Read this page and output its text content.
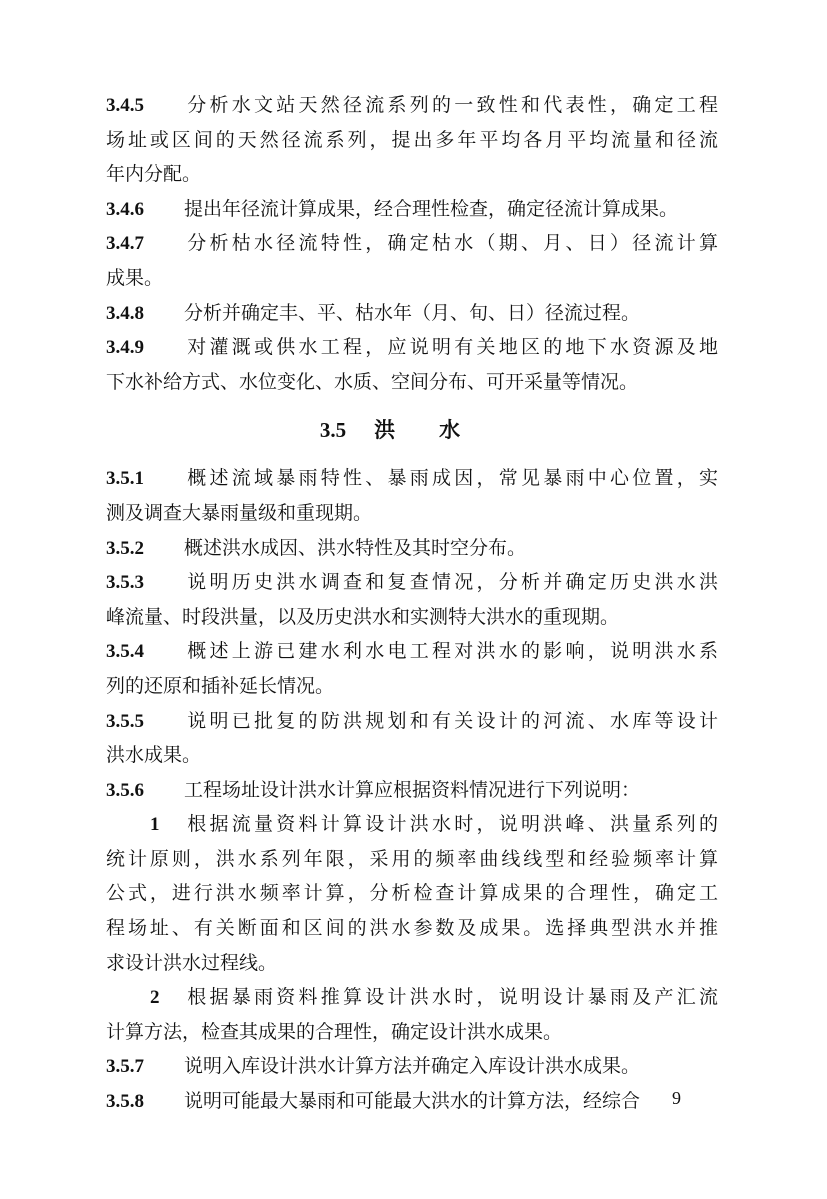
3.4.5 分析水文站天然径流系列的一致性和代表性，确定工程
场址或区间的天然径流系列，提出多年平均各月平均流量和径流
年内分配。
3.4.6 提出年径流计算成果，经合理性检查，确定径流计算成果。
3.4.7 分析枯水径流特性，确定枯水（期、月、日）径流计算
成果。
3.4.8 分析并确定丰、平、枯水年（月、旬、日）径流过程。
3.4.9 对灌溉或供水工程，应说明有关地区的地下水资源及地
下水补给方式、水位变化、水质、空间分布、可开采量等情况。
3.5 洪水
3.5.1 概述流域暴雨特性、暴雨成因，常见暴雨中心位置，实
测及调查大暴雨量级和重现期。
3.5.2 概述洪水成因、洪水特性及其时空分布。
3.5.3 说明历史洪水调查和复查情况，分析并确定历史洪水洪
峰流量、时段洪量，以及历史洪水和实测特大洪水的重现期。
3.5.4 概述上游已建水利水电工程对洪水的影响，说明洪水系
列的还原和插补延长情况。
3.5.5 说明已批复的防洪规划和有关设计的河流、水库等设计
洪水成果。
3.5.6 工程场址设计洪水计算应根据资料情况进行下列说明：
1 根据流量资料计算设计洪水时，说明洪峰、洪量系列的
统计原则，洪水系列年限，采用的频率曲线线型和经验频率计算
公式，进行洪水频率计算，分析检查计算成果的合理性，确定工
程场址、有关断面和区间的洪水参数及成果。选择典型洪水并推
求设计洪水过程线。
2 根据暴雨资料推算设计洪水时，说明设计暴雨及产汇流
计算方法，检查其成果的合理性，确定设计洪水成果。
3.5.7 说明入库设计洪水计算方法并确定入库设计洪水成果。
3.5.8 说明可能最大暴雨和可能最大洪水的计算方法，经综合	9
